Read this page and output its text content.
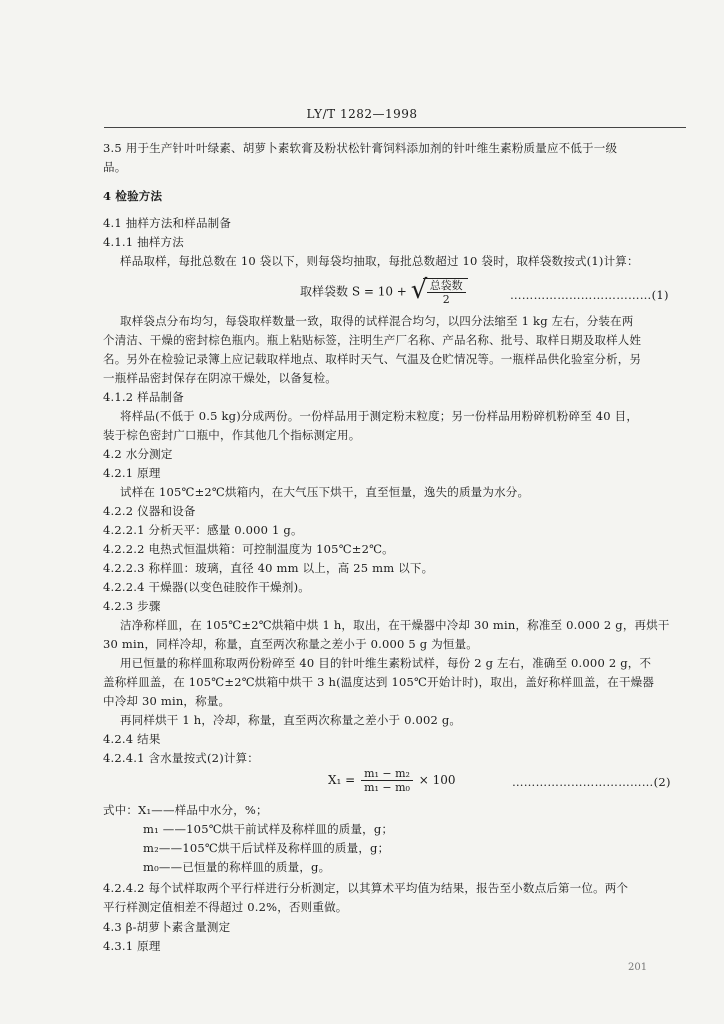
LY/T 1282—1998
3.5 用于生产针叶叶绿素、胡萝卜素软膏及粉状松针膏饲料添加剂的针叶维生素粉质量应不低于一级
品。
4 检验方法
4.1 抽样方法和样品制备
4.1.1 抽样方法
样品取样，每批总数在 10 袋以下，则每袋均抽取，每批总数超过 10 袋时，取样袋数按式(1)计算：
取样袋点分布均匀，每袋取样数量一致，取得的试样混合均匀，以四分法缩至 1 kg 左右，分装在两
个清洁、干燥的密封棕色瓶内。瓶上粘贴标签，注明生产厂名称、产品名称、批号、取样日期及取样人姓
名。另外在检验记录簿上应记载取样地点、取样时天气、气温及仓贮情况等。一瓶样品供化验室分析，另
一瓶样品密封保存在阴凉干燥处，以备复检。
4.1.2 样品制备
将样品(不低于 0.5 kg)分成两份。一份样品用于测定粉末粒度；另一份样品用粉碎机粉碎至 40 目，
装于棕色密封广口瓶中，作其他几个指标测定用。
4.2 水分测定
4.2.1 原理
试样在 105℃±2℃烘箱内，在大气压下烘干，直至恒量，逸失的质量为水分。
4.2.2 仪器和设备
4.2.2.1 分析天平：感量 0.000 1 g。
4.2.2.2 电热式恒温烘箱：可控制温度为 105℃±2℃。
4.2.2.3 称样皿：玻璃，直径 40 mm 以上，高 25 mm 以下。
4.2.2.4 干燥器(以变色硅胶作干燥剂)。
4.2.3 步骤
洁净称样皿，在 105℃±2℃烘箱中烘 1 h，取出，在干燥器中冷却 30 min，称准至 0.000 2 g，再烘干
30 min，同样冷却，称量，直至两次称量之差小于 0.000 5 g 为恒量。
用已恒量的称样皿称取两份粉碎至 40 目的针叶维生素粉试样，每份 2 g 左右，准确至 0.000 2 g，不
盖称样皿盖，在 105℃±2℃烘箱中烘干 3 h(温度达到 105℃开始计时)，取出，盖好称样皿盖，在干燥器
中冷却 30 min，称量。
再同样烘干 1 h，冷却，称量，直至两次称量之差小于 0.002 g。
4.2.4 结果
4.2.4.1 含水量按式(2)计算：
式中：X₁——样品中水分，%；
m₁ ——105℃烘干前试样及称样皿的质量，g；
m₂——105℃烘干后试样及称样皿的质量，g；
m₀——已恒量的称样皿的质量，g。
4.2.4.2 每个试样取两个平行样进行分析测定，以其算术平均值为结果，报告至小数点后第一位。两个
平行样测定值相差不得超过 0.2%，否则重做。
4.3 β-胡萝卜素含量测定
4.3.1 原理
取样袋数 S = 10 + √ $\frac{\text{总袋数}}{2}$	………………………………(1)
$X_1 = \frac{\text{m₁ − m₂}}{\text{m₁ − m₀}} \times 100$	………………………………(2)
201
